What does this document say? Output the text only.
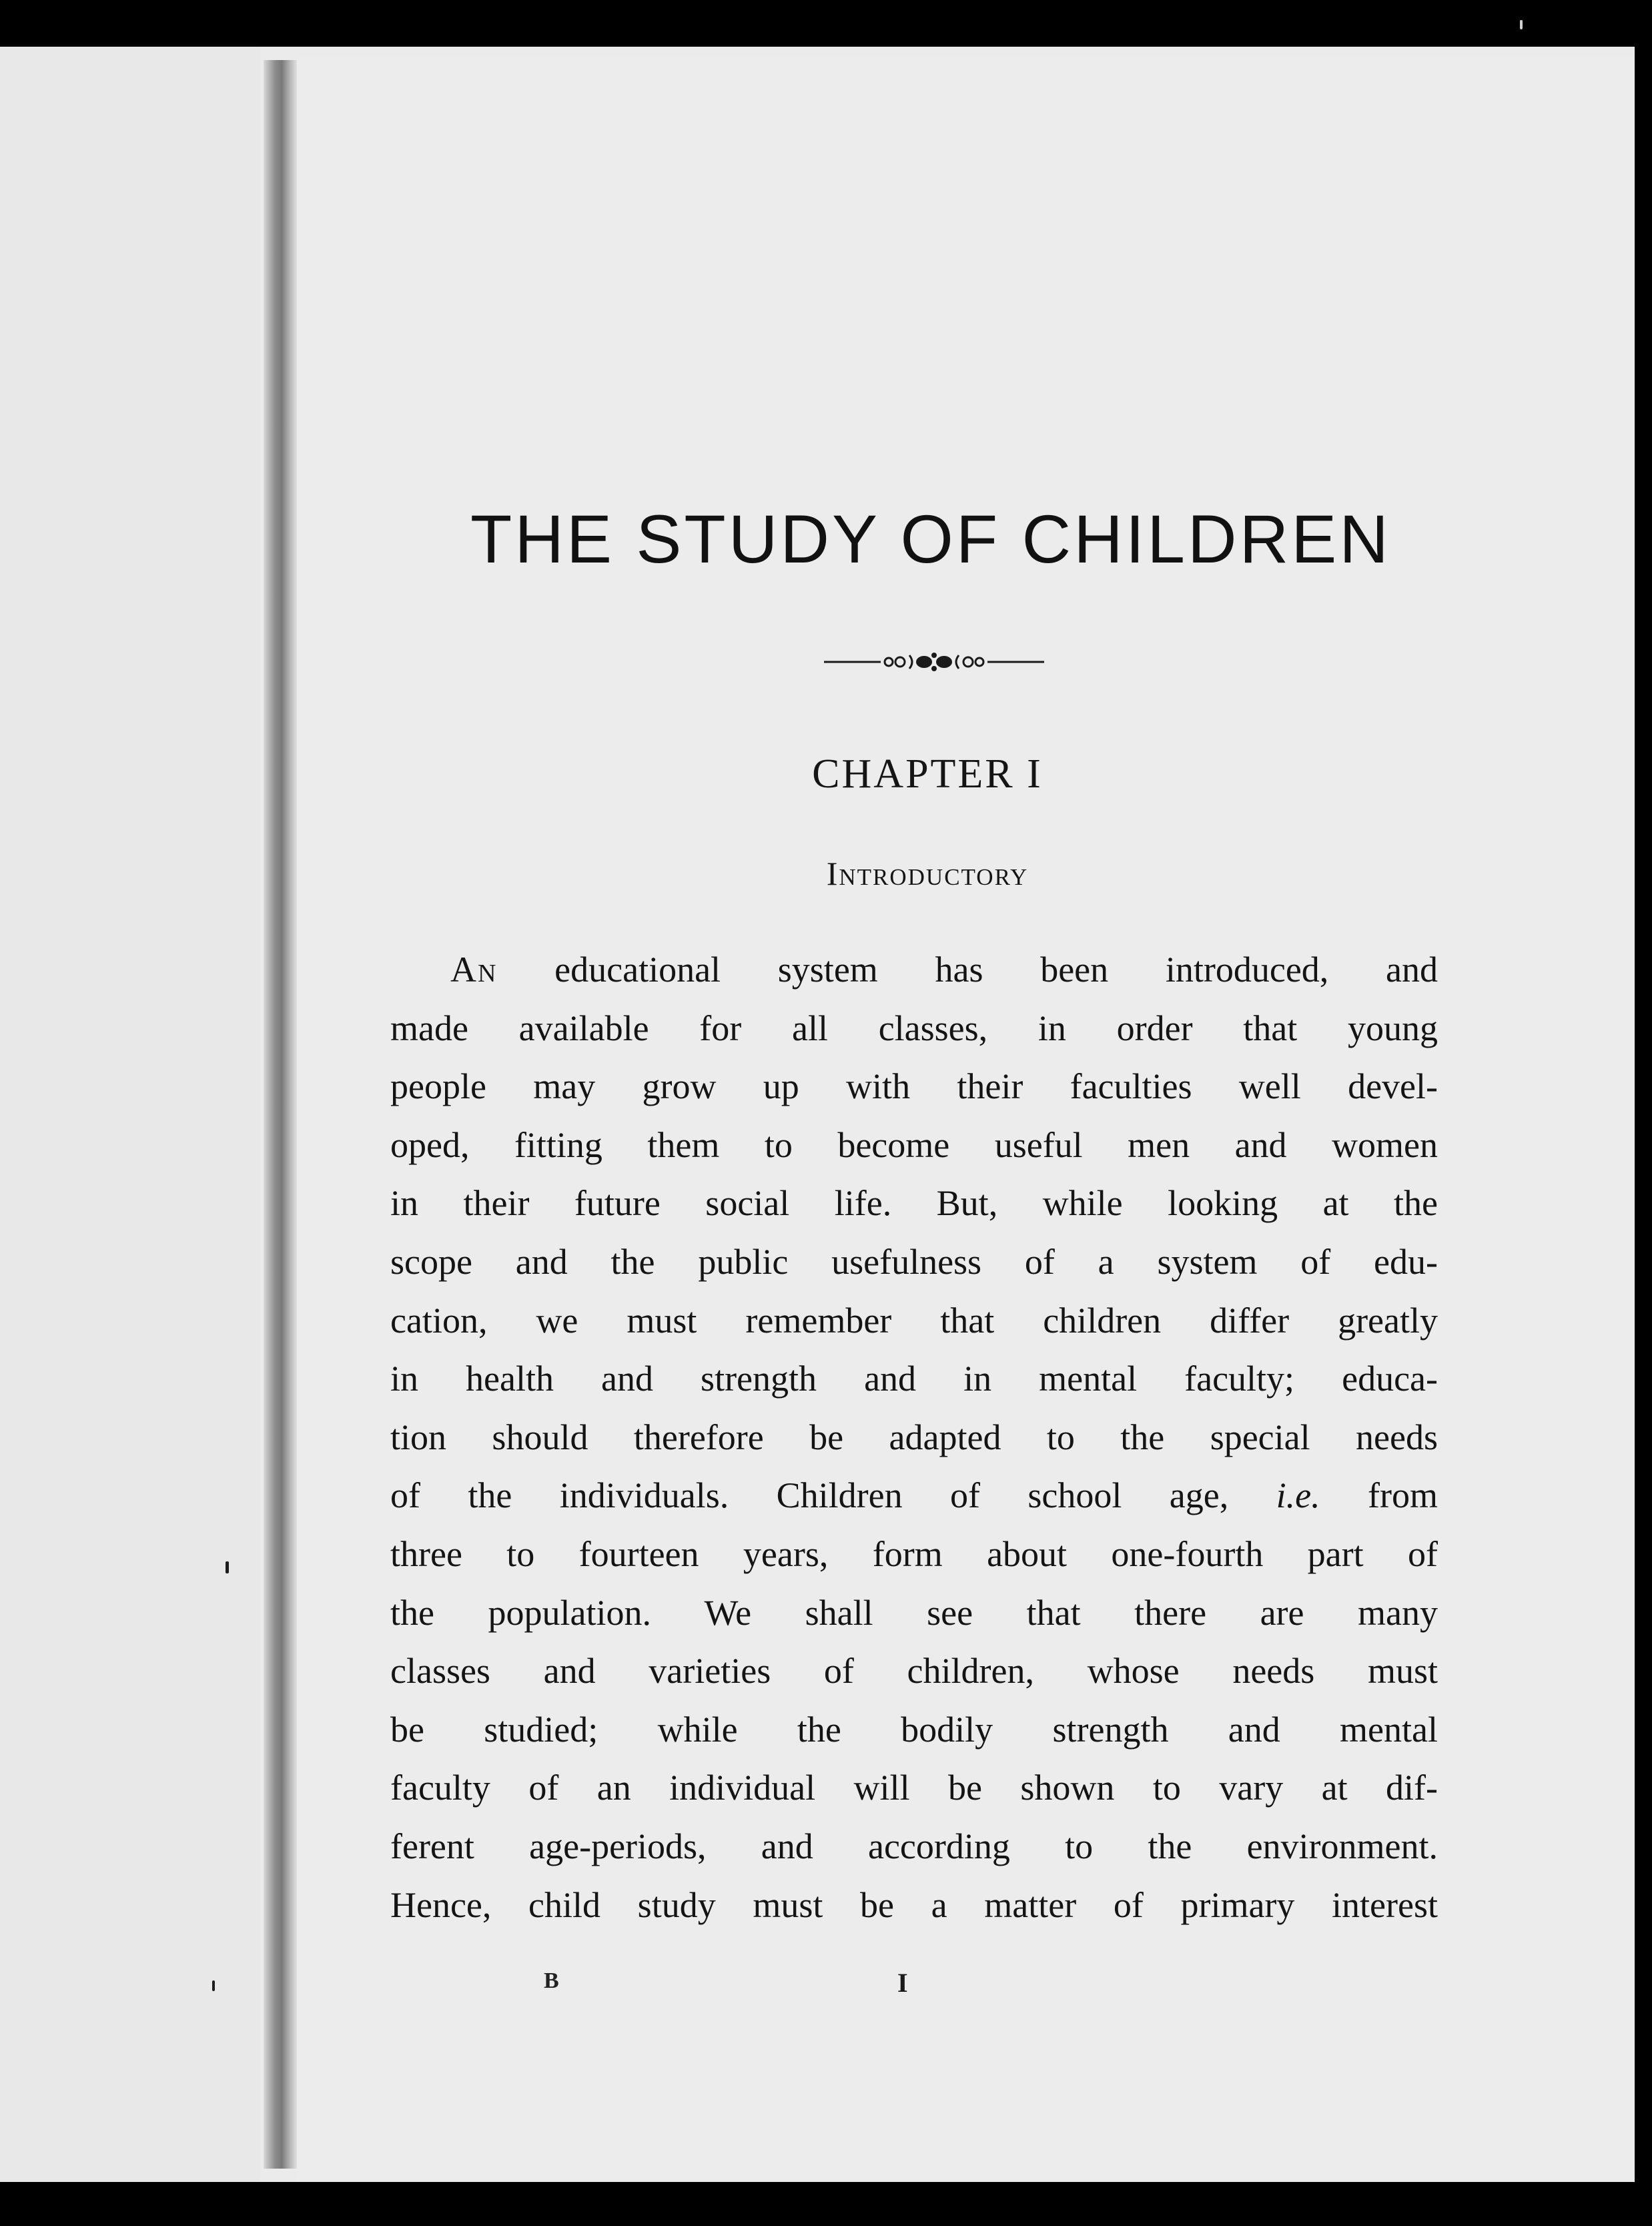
THE STUDY OF CHILDREN
CHAPTER I
Introductory
An educational system has been introduced, and
made available for all classes, in order that young
people may grow up with their faculties well devel-
oped, fitting them to become useful men and women
in their future social life. But, while looking at the
scope and the public usefulness of a system of edu-
cation, we must remember that children differ greatly
in health and strength and in mental faculty; educa-
tion should therefore be adapted to the special needs
of the individuals. Children of school age, i.e. from
three to fourteen years, form about one-fourth part of
the population. We shall see that there are many
classes and varieties of children, whose needs must
be studied; while the bodily strength and mental
faculty of an individual will be shown to vary at dif-
ferent age-periods, and according to the environment.
Hence, child study must be a matter of primary interest
B	I
